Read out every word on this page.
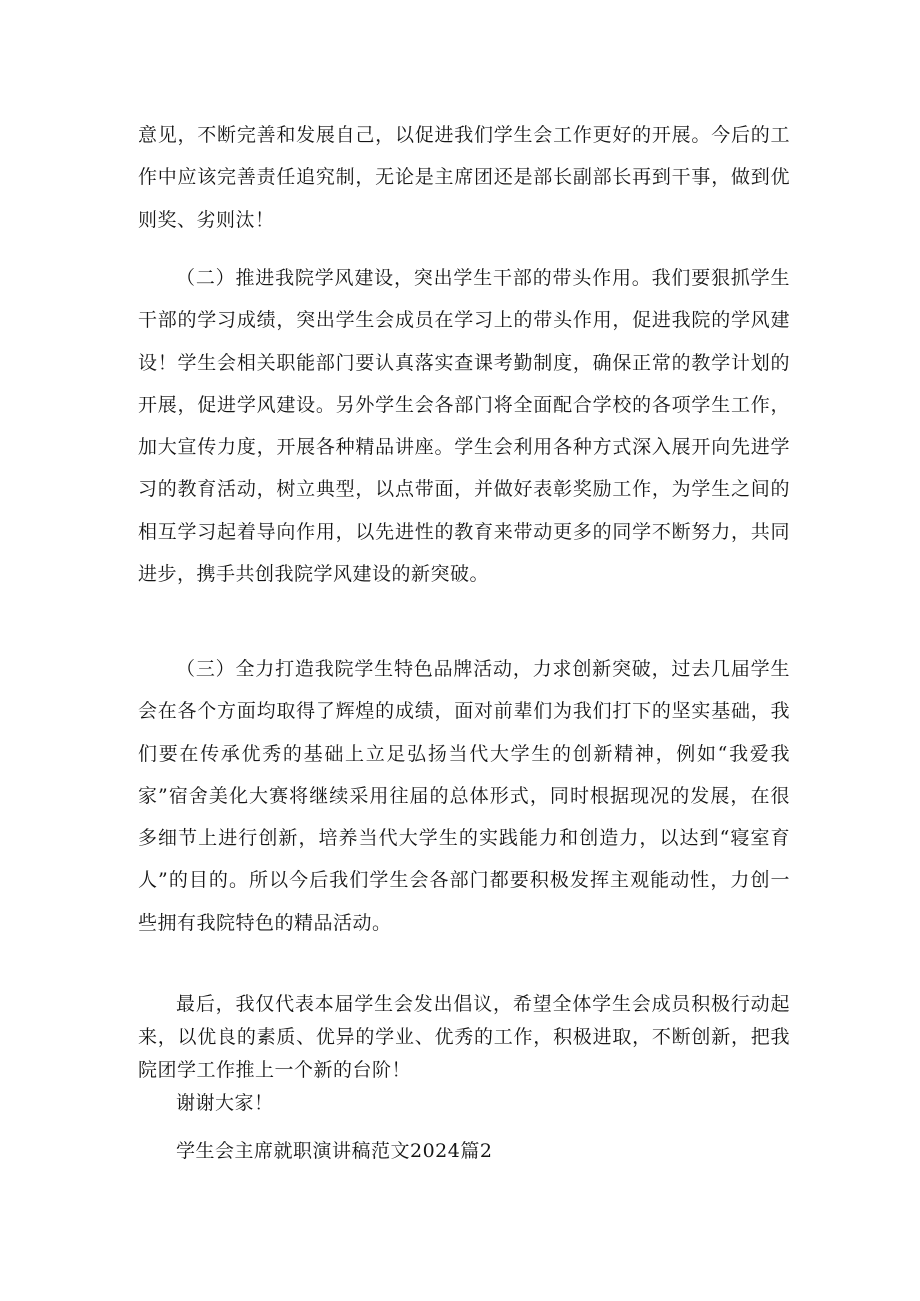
意见，不断完善和发展自己，以促进我们学生会工作更好的开展。今后的工作中应该完善责任追究制，无论是主席团还是部长副部长再到干事，做到优则奖、劣则汰！

（二）推进我院学风建设，突出学生干部的带头作用。我们要狠抓学生干部的学习成绩，突出学生会成员在学习上的带头作用，促进我院的学风建设！学生会相关职能部门要认真落实查课考勤制度，确保正常的教学计划的开展，促进学风建设。另外学生会各部门将全面配合学校的各项学生工作，加大宣传力度，开展各种精品讲座。学生会利用各种方式深入展开向先进学习的教育活动，树立典型，以点带面，并做好表彰奖励工作，为学生之间的相互学习起着导向作用，以先进性的教育来带动更多的同学不断努力，共同进步，携手共创我院学风建设的新突破。

（三）全力打造我院学生特色品牌活动，力求创新突破，过去几届学生会在各个方面均取得了辉煌的成绩，面对前辈们为我们打下的坚实基础，我们要在传承优秀的基础上立足弘扬当代大学生的创新精神，例如“我爱我家”宿舍美化大赛将继续采用往届的总体形式，同时根据现况的发展，在很多细节上进行创新，培养当代大学生的实践能力和创造力，以达到“寝室育人”的目的。所以今后我们学生会各部门都要积极发挥主观能动性，力创一些拥有我院特色的精品活动。

最后，我仅代表本届学生会发出倡议，希望全体学生会成员积极行动起来，以优良的素质、优异的学业、优秀的工作，积极进取，不断创新，把我院团学工作推上一个新的台阶！

谢谢大家！

学生会主席就职演讲稿范文2024篇2
